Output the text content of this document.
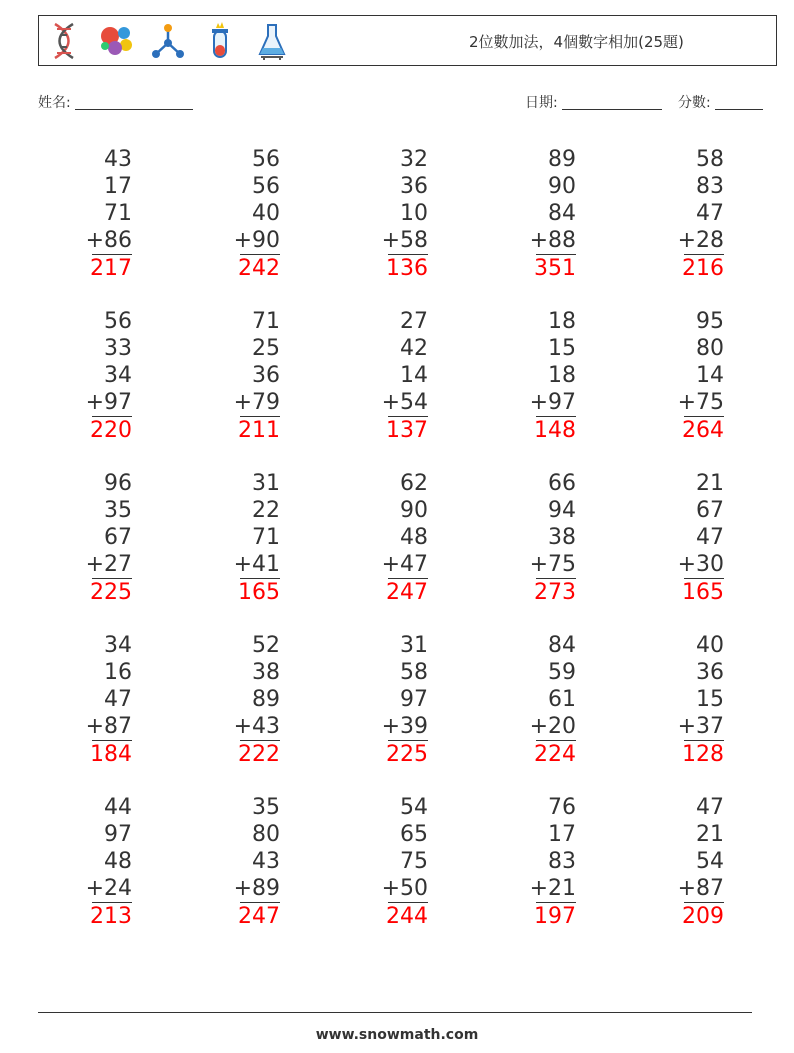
2位數加法，4個數字相加(25題)
姓名:	日期:	分數:
43
17
71
+86
217
56
56
40
+90
242
32
36
10
+58
136
89
90
84
+88
351
58
83
47
+28
216
56
33
34
+97
220
71
25
36
+79
211
27
42
14
+54
137
18
15
18
+97
148
95
80
14
+75
264
96
35
67
+27
225
31
22
71
+41
165
62
90
48
+47
247
66
94
38
+75
273
21
67
47
+30
165
34
16
47
+87
184
52
38
89
+43
222
31
58
97
+39
225
84
59
61
+20
224
40
36
15
+37
128
44
97
48
+24
213
35
80
43
+89
247
54
65
75
+50
244
76
17
83
+21
197
47
21
54
+87
209
www.snowmath.com
